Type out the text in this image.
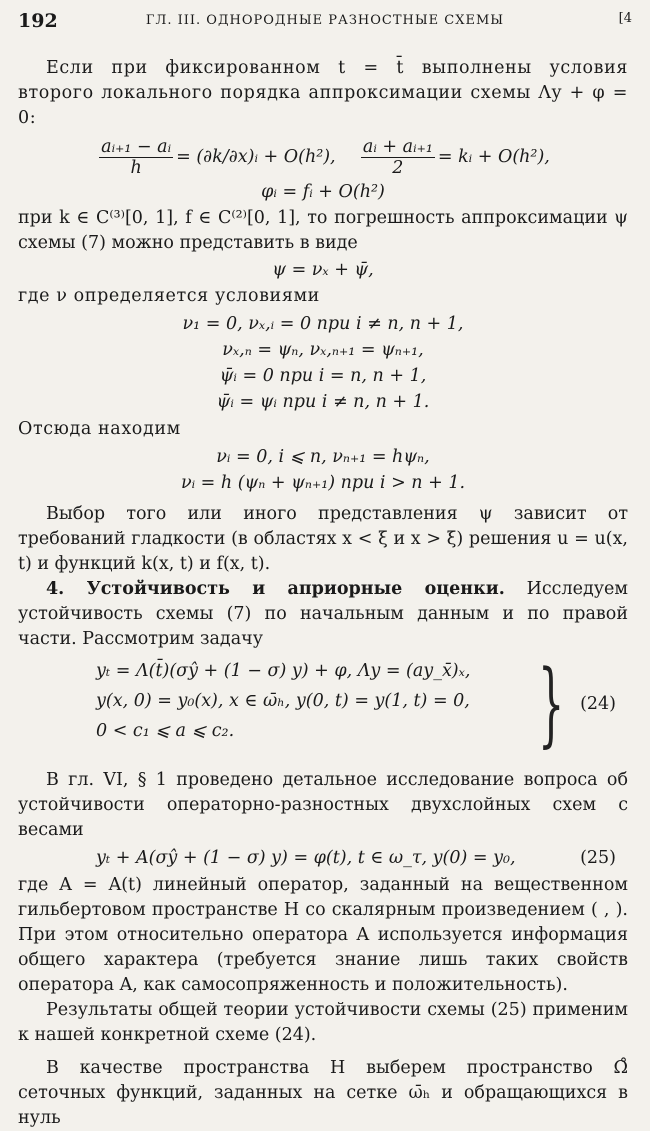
192	ГЛ. III. ОДНОРОДНЫЕ РАЗНОСТНЫЕ СХЕМЫ	[4

Если при фиксированном t = t̄ выполнены условия второго локального порядка аппроксимации схемы Λy + φ = 0:

$\frac{\text{aᵢ₊₁ − aᵢ}}{h}$ = (∂k/∂x)ᵢ + O(h²), $\frac{\text{aᵢ + aᵢ₊₁}}{2}$ = kᵢ + O(h²),

φᵢ = fᵢ + O(h²)

при k ∈ C⁽³⁾[0, 1], f ∈ C⁽²⁾[0, 1], то погрешность аппроксимации ψ схемы (7) можно представить в виде

ψ = νₓ + ψ̄,

где ν определяется условиями

ν₁ = 0, νₓ,ᵢ = 0 при i ≠ n, n + 1,
νₓ,ₙ = ψₙ, νₓ,ₙ₊₁ = ψₙ₊₁,
ψ̄ᵢ = 0 при i = n, n + 1,
ψ̄ᵢ = ψᵢ при i ≠ n, n + 1.

Отсюда находим

νᵢ = 0, i ⩽ n, νₙ₊₁ = hψₙ,
νᵢ = h (ψₙ + ψₙ₊₁) при i > n + 1.

Выбор того или иного представления ψ зависит от требований гладкости (в областях x < ξ и x > ξ) решения u = u(x, t) и функций k(x, t) и f(x, t).

4. Устойчивость и априорные оценки. Исследуем устойчивость схемы (7) по начальным данным и по правой части. Рассмотрим задачу

yₜ = Λ(t̄)(σŷ + (1 − σ) y) + φ, Λy = (ay_x̄)ₓ,
y(x, 0) = y₀(x), x ∈ ω̄ₕ, y(0, t) = y(1, t) = 0,
0 < c₁ ⩽ a ⩽ c₂.	} (24)

В гл. VI, § 1 проведено детальное исследование вопроса об устойчивости операторно-разностных двухслойных схем с весами

yₜ + A(σŷ + (1 − σ) y) = φ(t), t ∈ ω_τ, y(0) = y₀,	(25)

где A = A(t) линейный оператор, заданный на вещественном гильбертовом пространстве H со скалярным произведением ( , ). При этом относительно оператора A используется информация общего характера (требуется знание лишь таких свойств оператора A, как самосопряженность и положительность).

Результаты общей теории устойчивости схемы (25) применим к нашей конкретной схеме (24).

В качестве пространства H выберем пространство Ω̊ сеточных функций, заданных на сетке ω̄ₕ и обращающихся в нуль
